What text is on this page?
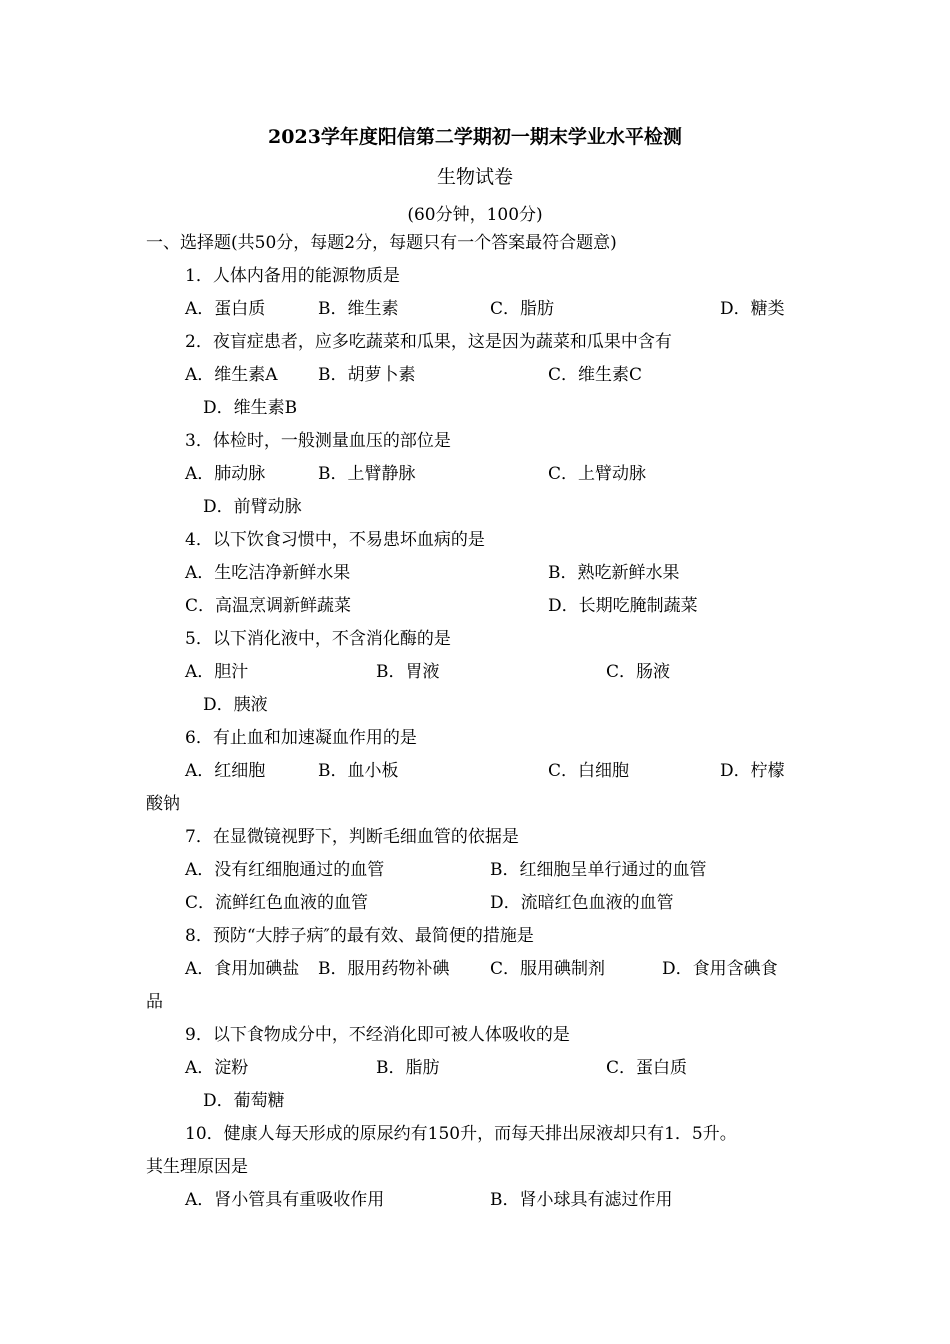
2023学年度阳信第二学期初一期末学业水平检测
生物试卷
(60分钟，100分)
一、选择题(共50分，每题2分，每题只有一个答案最符合题意)
1．人体内备用的能源物质是
A．蛋白质	B．维生素	C．脂肪	D．糖类
2．夜盲症患者，应多吃蔬菜和瓜果，这是因为蔬菜和瓜果中含有
A．维生素A B．胡萝卜素	C．维生素C
D．维生素B
3．体检时，一般测量血压的部位是
A．肺动脉	B．上臂静脉	C．上臂动脉
D．前臂动脉
4．以下饮食习惯中，不易患坏血病的是
A．生吃洁净新鲜水果	B．熟吃新鲜水果
C．高温烹调新鲜蔬菜	D．长期吃腌制蔬菜
5．以下消化液中，不含消化酶的是
A．胆汁	B．胃液	C．肠液
D．胰液
6．有止血和加速凝血作用的是
A．红细胞	B．血小板	C．白细胞	D．柠檬
酸钠
7．在显微镜视野下，判断毛细血管的依据是
A．没有红细胞通过的血管	B．红细胞呈单行通过的血管
C．流鲜红色血液的血管	D．流暗红色血液的血管
8．预防“大脖子病″的最有效、最简便的措施是
A．食用加碘盐 B．服用药物补碘 C．服用碘制剂	D．食用含碘食
品
9．以下食物成分中，不经消化即可被人体吸收的是
A．淀粉	B．脂肪	C．蛋白质
D．葡萄糖
10．健康人每天形成的原尿约有150升，而每天排出尿液却只有1．5升。
其生理原因是
A．肾小管具有重吸收作用	B．肾小球具有滤过作用
